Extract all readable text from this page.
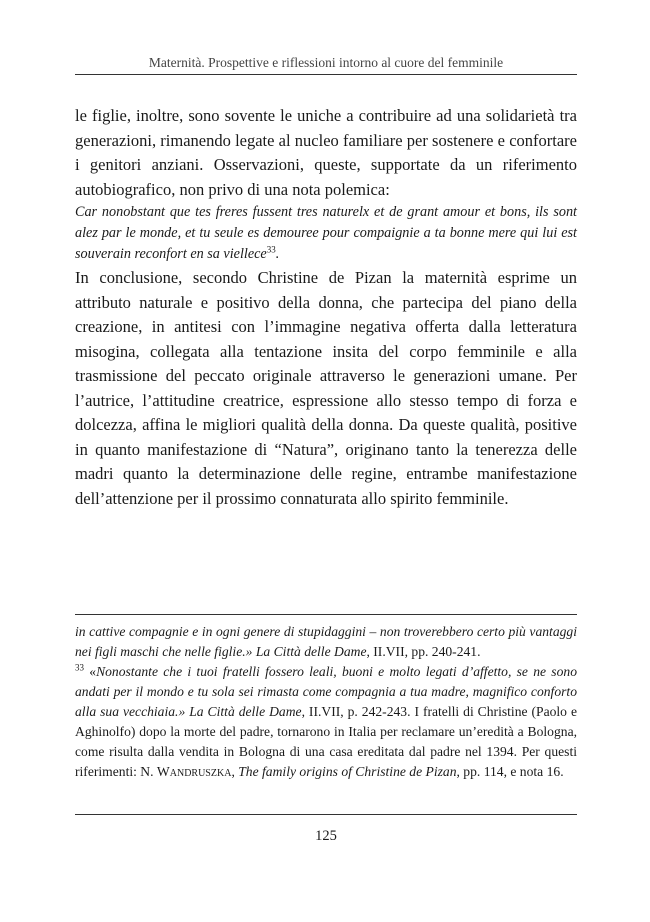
Maternità. Prospettive e riflessioni intorno al cuore del femminile

le figlie, inoltre, sono sovente le uniche a contribuire ad una solidarietà tra generazioni, rimanendo legate al nucleo familiare per sostenere e confortare i genitori anziani. Osservazioni, queste, supportate da un riferimento autobiografico, non privo di una nota polemica:

Car nonobstant que tes freres fussent tres naturelx et de grant amour et bons, ils sont alez par le monde, et tu seule es demouree pour compaignie a ta bonne mere qui lui est souverain reconfort en sa viellece$^{33}$.

In conclusione, secondo Christine de Pizan la maternità esprime un attributo naturale e positivo della donna, che partecipa del piano della creazione, in antitesi con l’immagine negativa offerta dalla letteratura misogina, collegata alla tentazione insita del corpo femminile e alla trasmissione del peccato originale attraverso le generazioni umane. Per l’autrice, l’attitudine creatrice, espressione allo stesso tempo di forza e dolcezza, affina le migliori qualità della donna. Da queste qualità, positive in quanto manifestazione di “Natura”, originano tanto la tenerezza delle madri quanto la determinazione delle regine, entrambe manifestazione dell’attenzione per il prossimo connaturata allo spirito femminile.

in cattive compagnie e in ogni genere di stupidaggini – non troverebbero certo più vantaggi nei figli maschi che nelle figlie.» La Città delle Dame, II.VII, pp. 240-241.

$^{33}$ «Nonostante che i tuoi fratelli fossero leali, buoni e molto legati d’affetto, se ne sono andati per il mondo e tu sola sei rimasta come compagnia a tua madre, magnifico conforto alla sua vecchiaia.» La Città delle Dame, II.VII, p. 242-243. I fratelli di Christine (Paolo e Aghinolfo) dopo la morte del padre, tornarono in Italia per reclamare un’eredità a Bologna, come risulta dalla vendita in Bologna di una casa ereditata dal padre nel 1394. Per questi riferimenti: N. Wandruszka, The family origins of Christine de Pizan, pp. 114, e nota 16.

125
